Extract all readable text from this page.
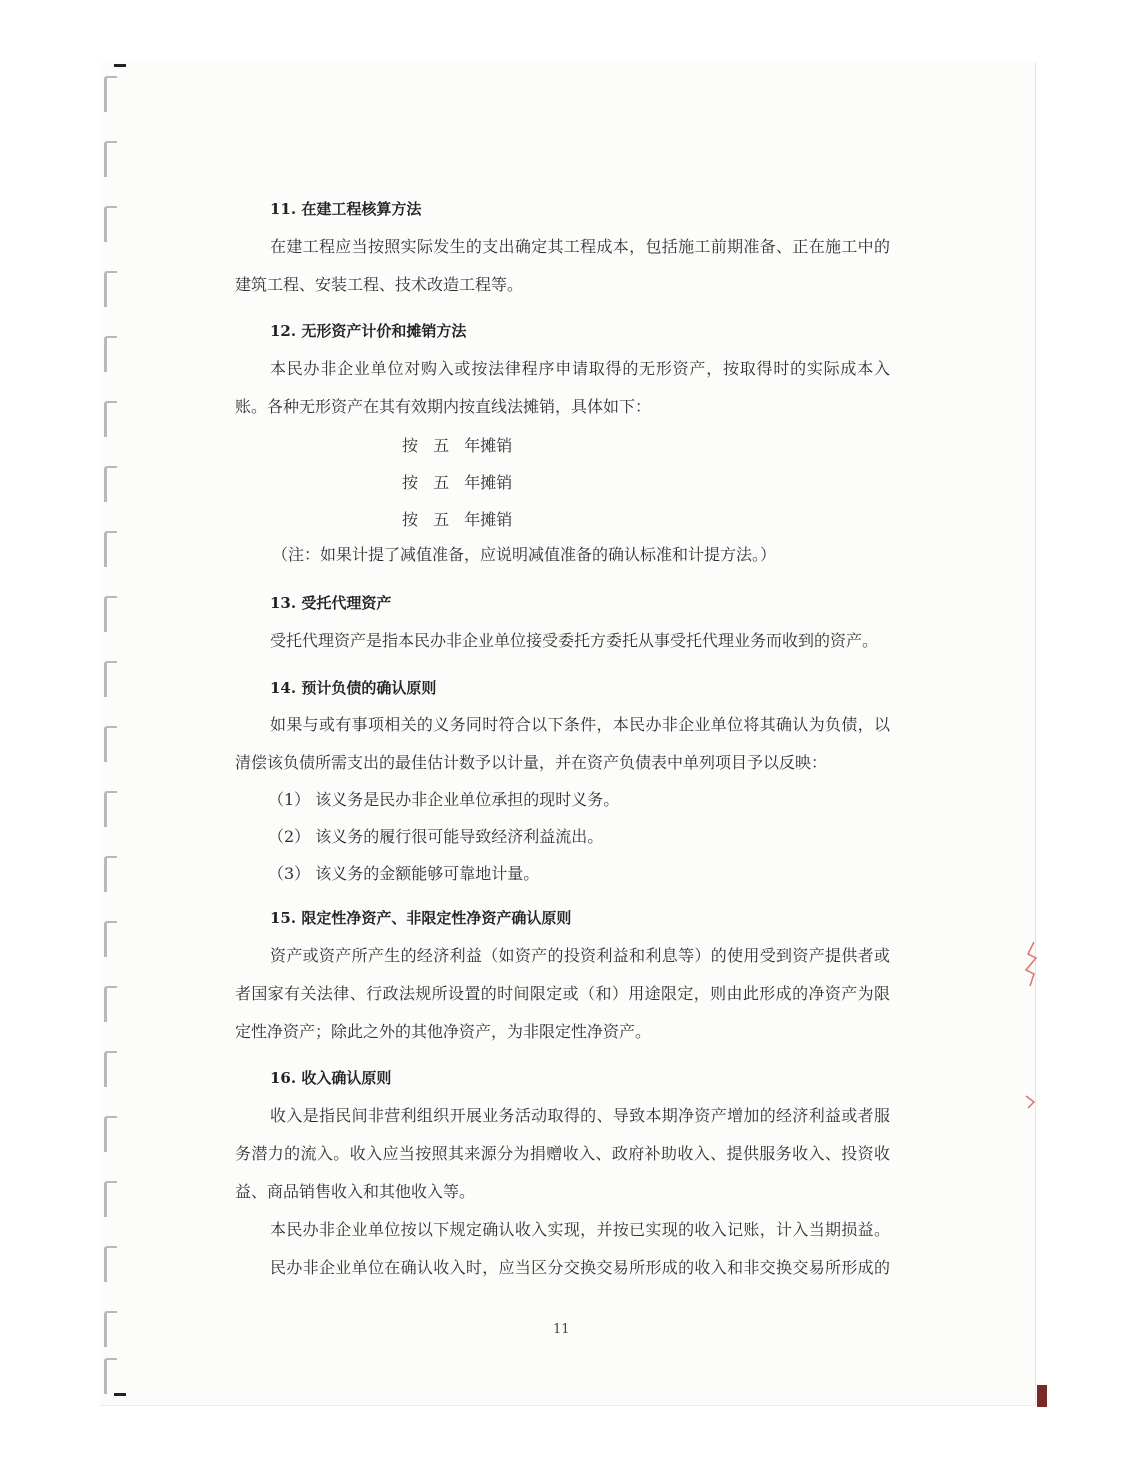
11. 在建工程核算方法
在建工程应当按照实际发生的支出确定其工程成本，包括施工前期准备、正在施工中的
建筑工程、安装工程、技术改造工程等。
12. 无形资产计价和摊销方法
本民办非企业单位对购入或按法律程序申请取得的无形资产，按取得时的实际成本入
账。各种无形资产在其有效期内按直线法摊销，具体如下：
按 五 年摊销
按 五 年摊销
按 五 年摊销
（注：如果计提了减值准备，应说明减值准备的确认标准和计提方法。）
13. 受托代理资产
受托代理资产是指本民办非企业单位接受委托方委托从事受托代理业务而收到的资产。
14. 预计负债的确认原则
如果与或有事项相关的义务同时符合以下条件，本民办非企业单位将其确认为负债，以
清偿该负债所需支出的最佳估计数予以计量，并在资产负债表中单列项目予以反映：
（1） 该义务是民办非企业单位承担的现时义务。
（2） 该义务的履行很可能导致经济利益流出。
（3） 该义务的金额能够可靠地计量。
15. 限定性净资产、非限定性净资产确认原则
资产或资产所产生的经济利益（如资产的投资利益和利息等）的使用受到资产提供者或
者国家有关法律、行政法规所设置的时间限定或（和）用途限定，则由此形成的净资产为限
定性净资产；除此之外的其他净资产，为非限定性净资产。
16. 收入确认原则
收入是指民间非营利组织开展业务活动取得的、导致本期净资产增加的经济利益或者服
务潜力的流入。收入应当按照其来源分为捐赠收入、政府补助收入、提供服务收入、投资收
益、商品销售收入和其他收入等。
本民办非企业单位按以下规定确认收入实现，并按已实现的收入记账，计入当期损益。
民办非企业单位在确认收入时，应当区分交换交易所形成的收入和非交换交易所形成的
11
